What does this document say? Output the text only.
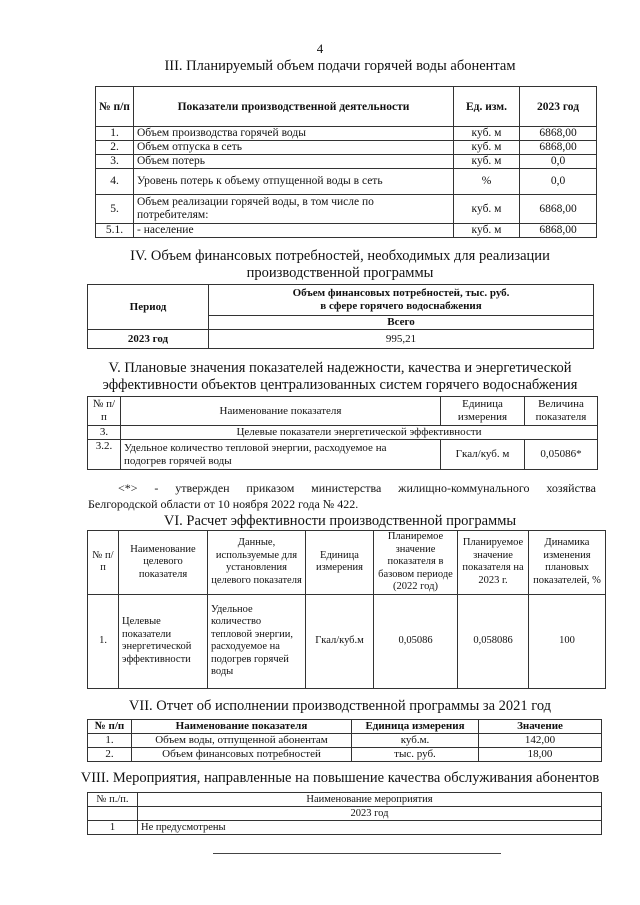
4
III. Планируемый объем подачи горячей воды абонентам
№ п/п	Показатели производственной деятельности	Ед. изм.	2023 год
1.	Объем производства горячей воды	куб. м	6868,00
2.	Объем отпуска в сеть	куб. м	6868,00
3.	Объем потерь	куб. м	0,0
4.	Уровень потерь к объему отпущенной воды в сеть	%	0,0
5.	Объем реализации горячей воды, в том числе по потребителям:	куб. м	6868,00
5.1.	- население	куб. м	6868,00
IV. Объем финансовых потребностей, необходимых для реализации
производственной программы
Период	Объем финансовых потребностей, тыс. руб.
в сфере горячего водоснабжения

	Всего
2023 год	995,21
V. Плановые значения показателей надежности, качества и энергетической
эффективности объектов централизованных систем горячего водоснабжения
№ п/п	Наименование показателя	Единица измерения	Величина показателя
3.	Целевые показатели энергетической эффективности		
3.2.	Удельное количество тепловой энергии, расходуемое на подогрев горячей воды	Гкал/куб. м	0,05086*
<*> - утвержден приказом министерства жилищно-коммунального хозяйства
Белгородской области от 10 ноября 2022 года № 422.
VI. Расчет эффективности производственной программы
№ п/п	Наименование целевого показателя	Данные, используемые для установления целевого показателя	Единица измерения	Планиремое значение показателя в базовом периоде (2022 год)	Планируемое значение показателя на 2023 г.	Динамика изменения плановых показателей, %
1.	Целевые показатели энергетической эффективности	Удельное количество тепловой энергии, расходуемое на подогрев горячей воды	Гкал/куб.м	0,05086	0,058086	100
VII. Отчет об исполнении производственной программы за 2021 год
№ п/п	Наименование показателя	Единица измерения	Значение
1.	Объем воды, отпущенной абонентам	куб.м.	142,00
2.	Объем финансовых потребностей	тыс. руб.	18,00
VIII. Мероприятия, направленные на повышение качества обслуживания абонентов
№ п./п.	Наименование мероприятия
	2023 год
1	Не предусмотрены
